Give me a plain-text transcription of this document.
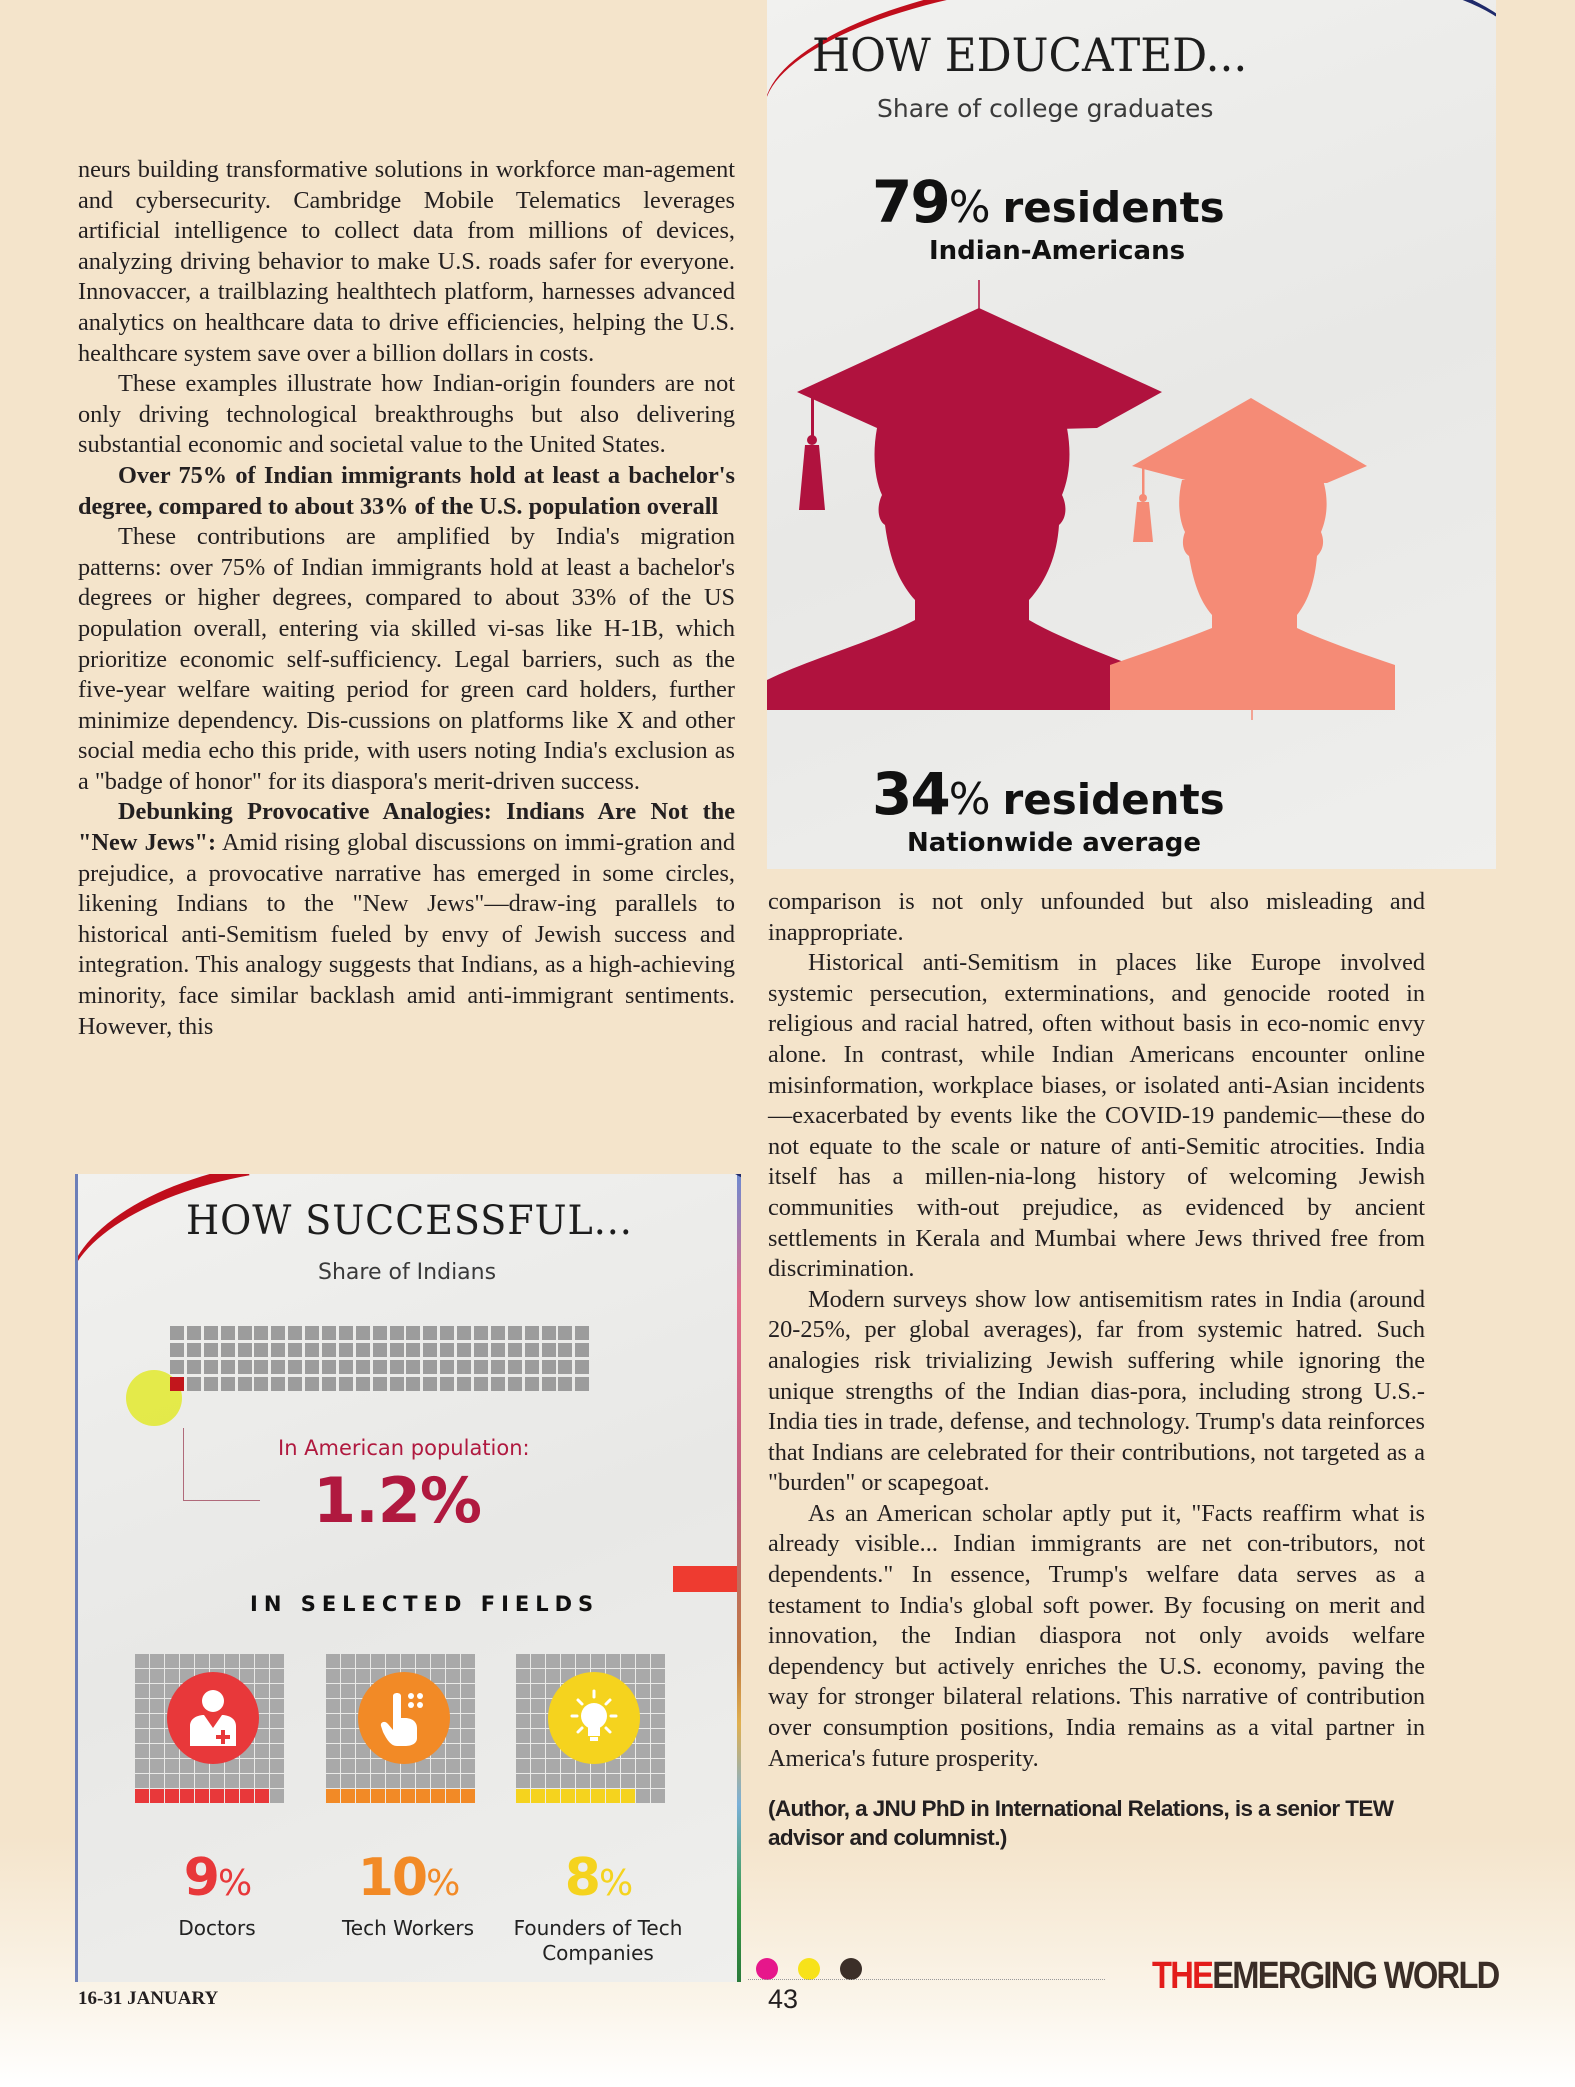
neurs building transformative solutions in workforce man-agement and cybersecurity. Cambridge Mobile Telematics leverages artificial intelligence to collect data from millions of devices, analyzing driving behavior to make U.S. roads safer for everyone. Innovaccer, a trailblazing healthtech platform, harnesses advanced analytics on healthcare data to drive efficiencies, helping the U.S. healthcare system save over a billion dollars in costs.

These examples illustrate how Indian-origin founders are not only driving technological breakthroughs but also delivering substantial economic and societal value to the United States.

Over 75% of Indian immigrants hold at least a bachelor's degree, compared to about 33% of the U.S. population overall

These contributions are amplified by India's migration patterns: over 75% of Indian immigrants hold at least a bachelor's degrees or higher degrees, compared to about 33% of the US population overall, entering via skilled vi-sas like H-1B, which prioritize economic self-sufficiency. Legal barriers, such as the five-year welfare waiting period for green card holders, further minimize dependency. Dis-cussions on platforms like X and other social media echo this pride, with users noting India's exclusion as a "badge of honor" for its diaspora's merit-driven success.

Debunking Provocative Analogies: Indians Are Not the "New Jews": Amid rising global discussions on immi-gration and prejudice, a provocative narrative has emerged in some circles, likening Indians to the "New Jews"—draw-ing parallels to historical anti-Semitism fueled by envy of Jewish success and integration. This analogy suggests that Indians, as a high-achieving minority, face similar backlash amid anti-immigrant sentiments. However, this

comparison is not only unfounded but also misleading and inappropriate.

Historical anti-Semitism in places like Europe involved systemic persecution, exterminations, and genocide rooted in religious and racial hatred, often without basis in eco-nomic envy alone. In contrast, while Indian Americans encounter online misinformation, workplace biases, or isolated anti-Asian incidents—exacerbated by events like the COVID-19 pandemic—these do not equate to the scale or nature of anti-Semitic atrocities. India itself has a millen-nia-long history of welcoming Jewish communities with-out prejudice, as evidenced by ancient settlements in Kerala and Mumbai where Jews thrived free from discrimination.

Modern surveys show low antisemitism rates in India (around 20-25%, per global averages), far from systemic hatred. Such analogies risk trivializing Jewish suffering while ignoring the unique strengths of the Indian dias-pora, including strong U.S.-India ties in trade, defense, and technology. Trump's data reinforces that Indians are celebrated for their contributions, not targeted as a "burden" or scapegoat.

As an American scholar aptly put it, "Facts reaffirm what is already visible... Indian immigrants are net con-tributors, not dependents." In essence, Trump's welfare data serves as a testament to India's global soft power. By focusing on merit and innovation, the Indian diaspora not only avoids welfare dependency but actively enriches the U.S. economy, paving the way for stronger bilateral relations. This narrative of contribution over consumption positions, India remains as a vital partner in America's future prosperity.

(Author, a JNU PhD in International Relations, is a senior TEW advisor and columnist.)

HOW EDUCATED...
Share of college graduates
79% residents
Indian-Americans
34% residents
Nationwide average
HOW SUCCESSFUL...
Share of Indians
In American population:
1.2%
IN SELECTED FIELDS
9%
Doctors
10%
Tech Workers
8%
Founders of Tech Companies
16-31 JANUARY	43
THEEMERGING WORLD
